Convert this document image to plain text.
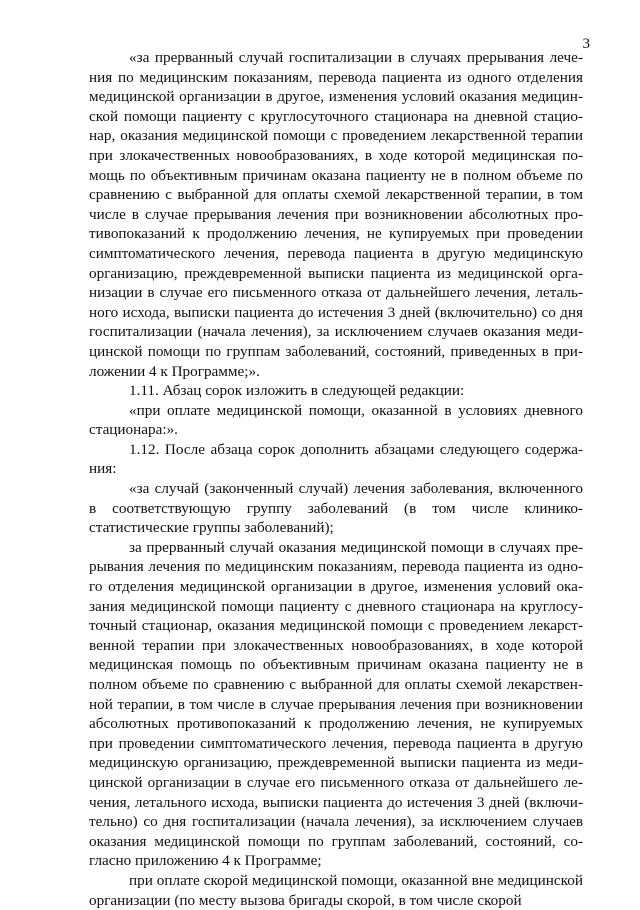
3

«за прерванный случай госпитализации в случаях прерывания лечения по медицинским показаниям, перевода пациента из одного отделения медицинской организации в другое, изменения условий оказания медицинской помощи пациенту с круглосуточного стационара на дневной стационар, оказания медицинской помощи с проведением лекарственной терапии при злокачественных новообразованиях, в ходе которой медицинская помощь по объективным причинам оказана пациенту не в полном объеме по сравнению с выбранной для оплаты схемой лекарственной терапии, в том числе в случае прерывания лечения при возникновении абсолютных противопоказаний к продолжению лечения, не купируемых при проведении симптоматического лечения, перевода пациента в другую медицинскую организацию, преждевременной выписки пациента из медицинской организации в случае его письменного отказа от дальнейшего лечения, летального исхода, выписки пациента до истечения 3 дней (включительно) со дня госпитализации (начала лечения), за исключением случаев оказания медицинской помощи по группам заболеваний, состояний, приведенных в приложении 4 к Программе;».

1.11. Абзац сорок изложить в следующей редакции:

«при оплате медицинской помощи, оказанной в условиях дневного стационара:».

1.12. После абзаца сорок дополнить абзацами следующего содержания:

«за случай (законченный случай) лечения заболевания, включенного в соответствующую группу заболеваний (в том числе клинико-статистические группы заболеваний);

за прерванный случай оказания медицинской помощи в случаях прерывания лечения по медицинским показаниям, перевода пациента из одного отделения медицинской организации в другое, изменения условий оказания медицинской помощи пациенту с дневного стационара на круглосуточный стационар, оказания медицинской помощи с проведением лекарственной терапии при злокачественных новообразованиях, в ходе которой медицинская помощь по объективным причинам оказана пациенту не в полном объеме по сравнению с выбранной для оплаты схемой лекарственной терапии, в том числе в случае прерывания лечения при возникновении абсолютных противопоказаний к продолжению лечения, не купируемых при проведении симптоматического лечения, перевода пациента в другую медицинскую организацию, преждевременной выписки пациента из медицинской организации в случае его письменного отказа от дальнейшего лечения, летального исхода, выписки пациента до истечения 3 дней (включительно) со дня госпитализации (начала лечения), за исключением случаев оказания медицинской помощи по группам заболеваний, состояний, согласно приложению 4 к Программе;

при оплате скорой медицинской помощи, оказанной вне медицинской организации (по месту вызова бригады скорой, в том числе скорой
